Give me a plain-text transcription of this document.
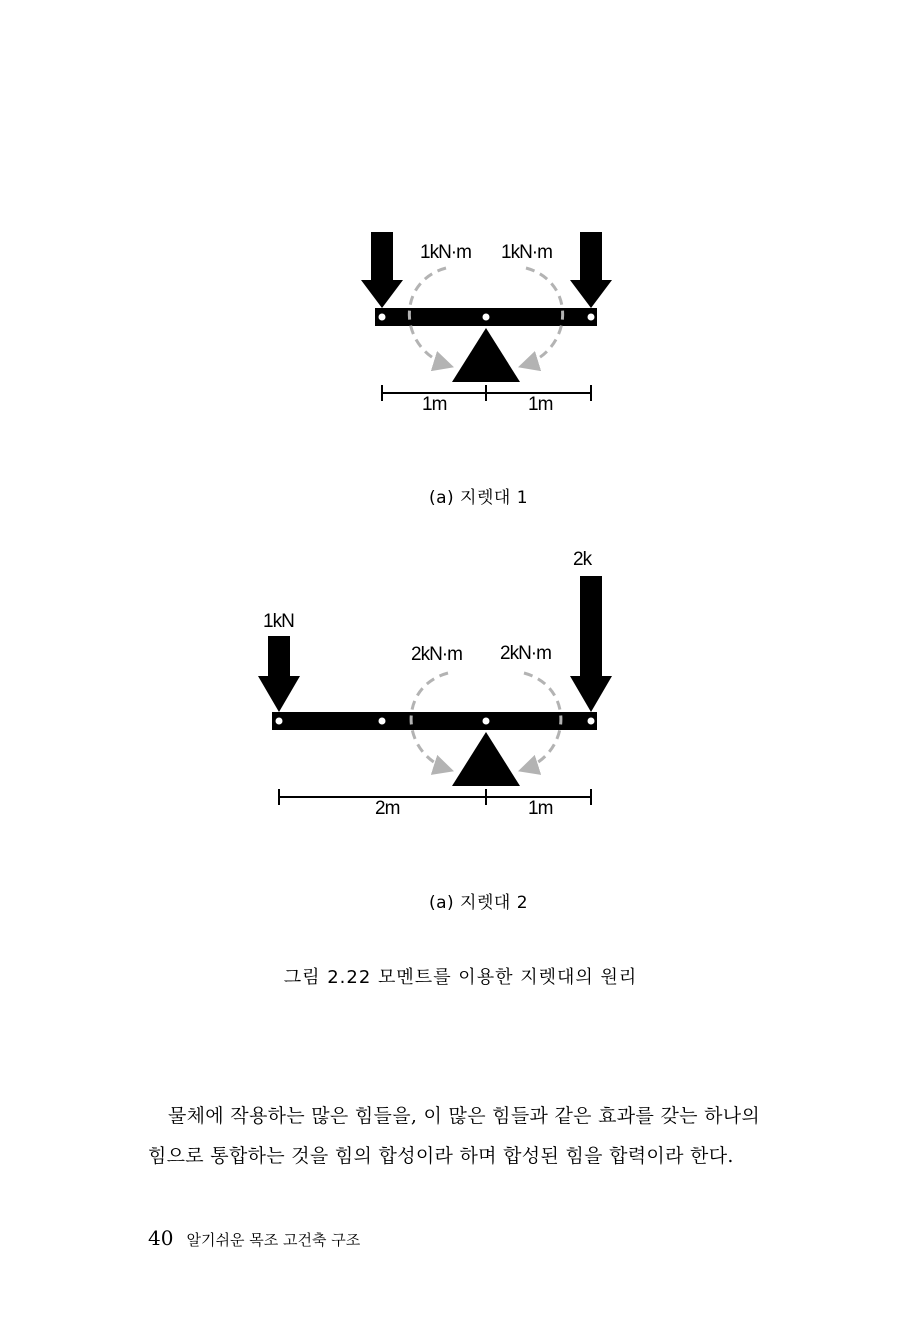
1kN·m 1kN·m
1m	1m
(a) 지렛대 1
1kN
2k
2kN·m 2kN·m
2m	1m
(a) 지렛대 2
그림 2.22 모멘트를 이용한 지렛대의 원리
물체에 작용하는 많은 힘들을, 이 많은 힘들과 같은 효과를 갖는 하나의
힘으로 통합하는 것을 힘의 합성이라 하며 합성된 힘을 합력이라 한다.
40 알기쉬운 목조 고건축 구조
